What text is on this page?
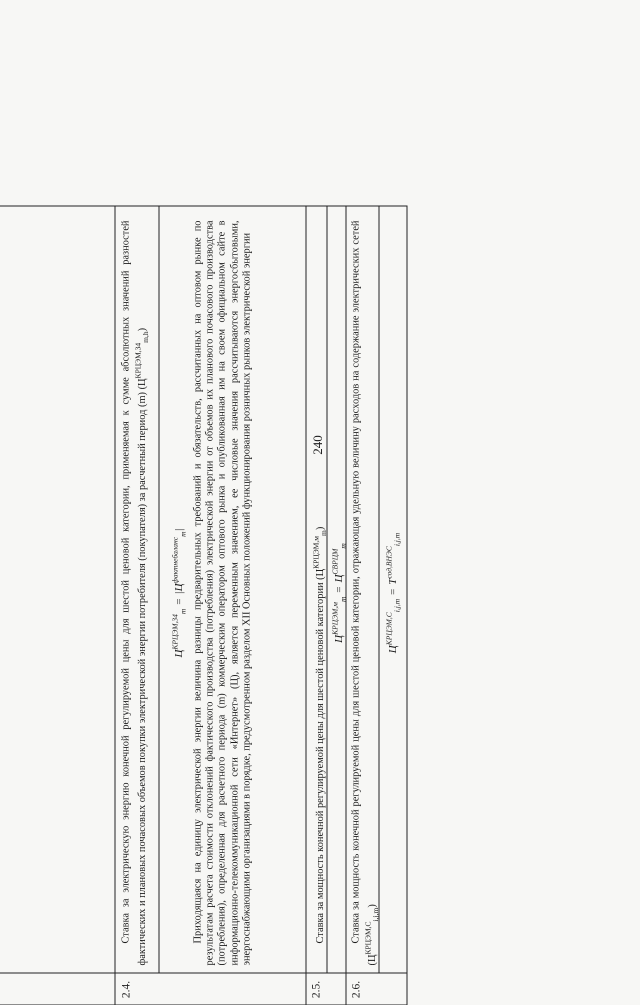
240

2.4.

Ставка за электрическую энергию конечной регулируемой цены для шестой ценовой категории, применяемая к сумме абсолютных значений разностей фактических и плановых почасовых объемов покупки электрической энергии потребителя (покупателя) за расчетный период (m) $(Ц^{КРЦЭМ,34}_{m,h})$

$Ц^{КРЦЭМ,34}_m=|Ц^{фактнебаланс}_m|$ Приходящаяся на единицу электрической энергии величина разницы предварительных требований и обязательств, рассчитанных на оптовом рынке по результатам расчета стоимости отклонений фактического производства (потребления) электрической энергии от объемов их планового почасового производства (потребления), определенная для расчетного периода (m) коммерческим оператором оптового рынка и опубликованная им на своем официальном сайте в информационно-телекоммуникационной сети «Интернет» (Ц), является переменным значением, ее числовые значения рассчитываются энергосбытовыми, энергоснабжающими организациями в порядке, предусмотренном разделом XII Основных положений функционирования розничных рынков электрической энергии

2.5.

Ставка за мощность конечной регулируемой цены для шестой ценовой категории $(Ц^{КРЦЭМ,м}_m)$

$Ц^{КРЦЭМ,м}_m=Ц^{СВРЦМ}_m$
2.6.

Ставка за мощность конечной регулируемой цены для шестой ценовой категории, отражающая удельную величину расходов на содержание электрических сетей $(Ц^{КРЦЭМ,С}_{i,j,m})$

$Ц^{КРЦЭМ,С}_{i,j,m}=Т^{сод,ВНЭС}_{i,j,m}$
